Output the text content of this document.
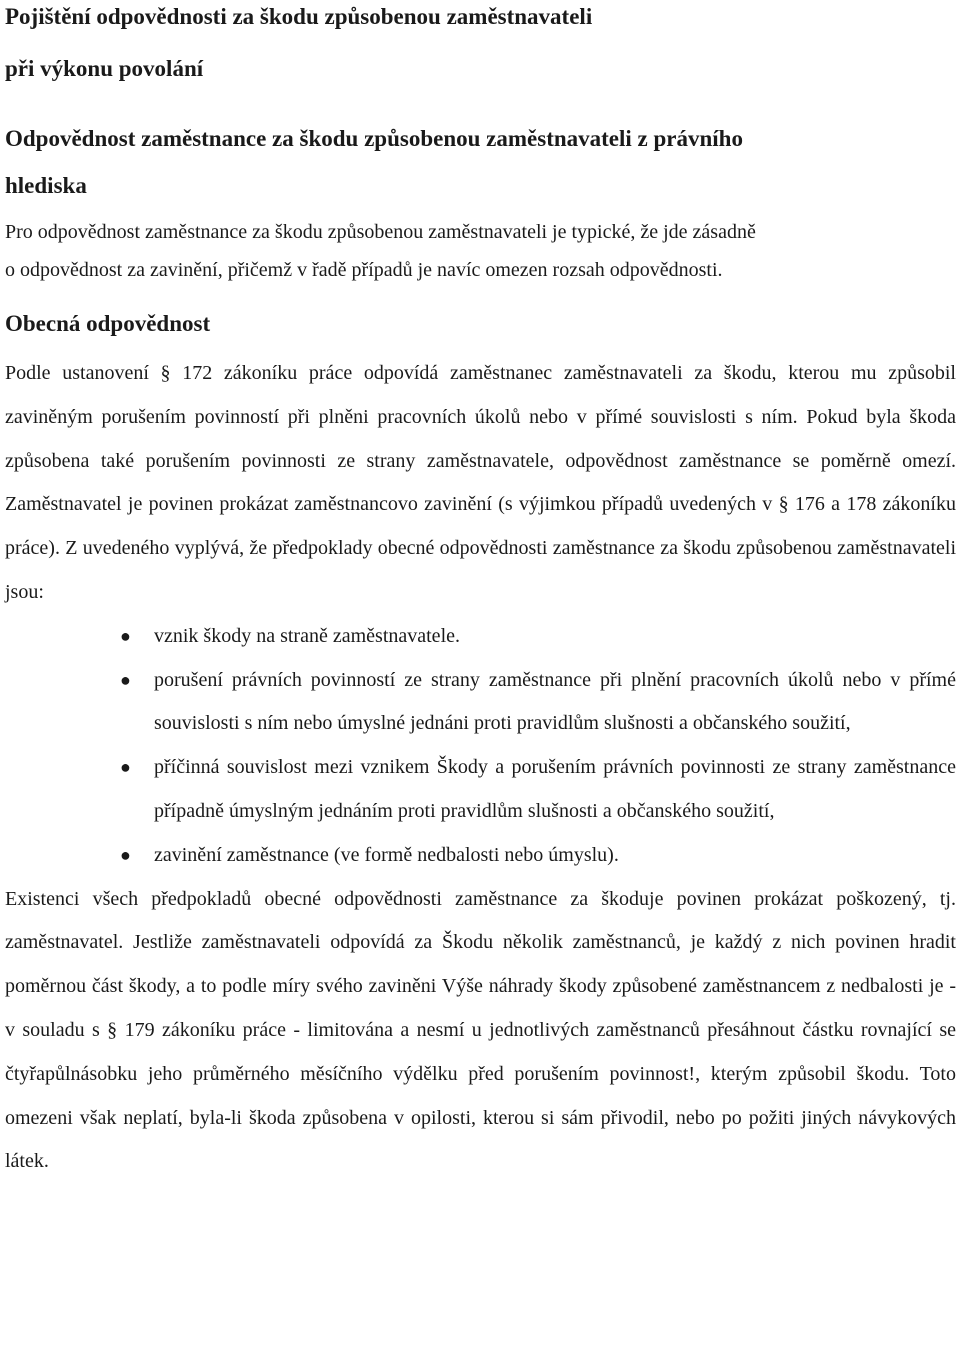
Pojištění odpovědnosti za škodu způsobenou zaměstnavateli
při výkonu povolání
Odpovědnost zaměstnance za škodu způsobenou zaměstnavateli z právního
hlediska

Pro odpovědnost zaměstnance za škodu způsobenou zaměstnavateli je typické, že jde zásadně
o odpovědnost za zavinění, přičemž v řadě případů je navíc omezen rozsah odpovědnosti.

Obecná odpovědnost

Podle ustanovení § 172 zákoníku práce odpovídá zaměstnanec zaměstnavateli za škodu, kterou mu způsobil zaviněným porušením povinností při plněni pracovních úkolů nebo v přímé souvislosti s ním. Pokud byla škoda způsobena také porušením povinnosti ze strany zaměstnavatele, odpovědnost zaměstnance se poměrně omezí. Zaměstnavatel je povinen prokázat zaměstnancovo zavinění (s výjimkou případů uvedených v § 176 a 178 zákoníku práce). Z uvedeného vyplývá, že předpoklady obecné odpovědnosti zaměstnance za škodu způsobenou zaměstnavateli jsou:

● vznik škody na straně zaměstnavatele.
● porušení právních povinností ze strany zaměstnance při plnění pracovních úkolů nebo v přímé souvislosti s ním nebo úmyslné jednáni proti pravidlům slušnosti a občanského soužití,
● příčinná souvislost mezi vznikem Škody a porušením právních povinnosti ze strany zaměstnance případně úmyslným jednáním proti pravidlům slušnosti a občanského soužití,
● zavinění zaměstnance (ve formě nedbalosti nebo úmyslu).

Existenci všech předpokladů obecné odpovědnosti zaměstnance za škoduje povinen prokázat poškozený, tj. zaměstnavatel. Jestliže zaměstnavateli odpovídá za Škodu několik zaměstnanců, je každý z nich povinen hradit poměrnou část škody, a to podle míry svého zaviněni Výše náhrady škody způsobené zaměstnancem z nedbalosti je - v souladu s § 179 zákoníku práce - limitována a nesmí u jednotlivých zaměstnanců přesáhnout částku rovnající se čtyřapůlnásobku jeho průměrného měsíčního výdělku před porušením povinnost!, kterým způsobil škodu. Toto omezeni však neplatí, byla-li škoda způsobena v opilosti, kterou si sám přivodil, nebo po požiti jiných návykových látek.
